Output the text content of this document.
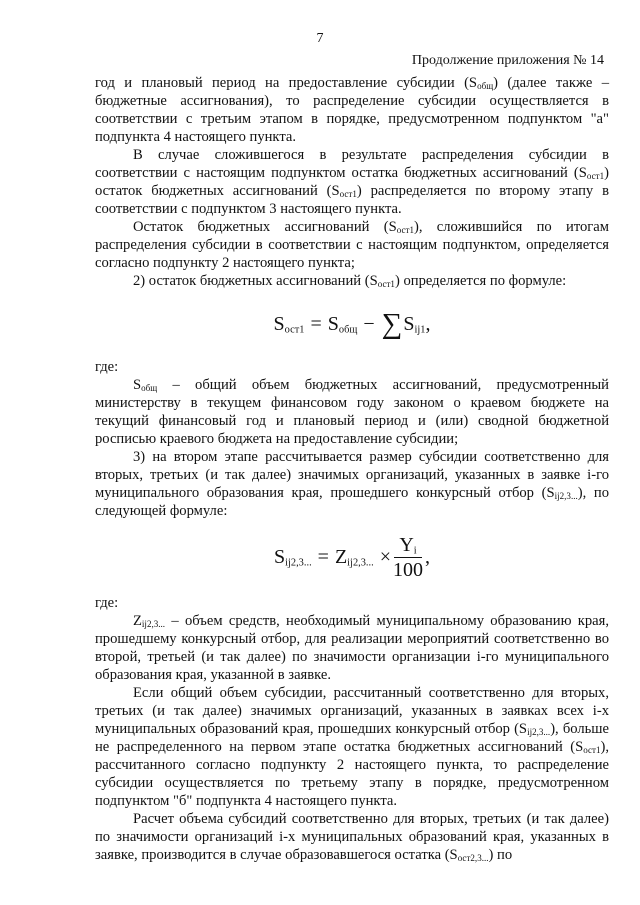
7
Продолжение приложения № 14

год и плановый период на предоставление субсидии $(S_{общ})$ (далее также – бюджетные ассигнования), то распределение субсидии осуществляется в соответствии с третьим этапом в порядке, предусмотренном подпунктом "а" подпункта 4 настоящего пункта.

В случае сложившегося в результате распределения субсидии в соответствии с настоящим подпунктом остатка бюджетных ассигнований $(S_{ост1})$ остаток бюджетных ассигнований $(S_{ост1})$ распределяется по второму этапу в соответствии с подпунктом 3 настоящего пункта.

Остаток бюджетных ассигнований $(S_{ост1})$, сложившийся по итогам распределения субсидии в соответствии с настоящим подпунктом, определяется согласно подпункту 2 настоящего пункта;

2) остаток бюджетных ассигнований $(S_{ост1})$ определяется по формуле:

$S_{ост1} = S_{общ}$ − ∑ $S_{ij1}$ ,

где:

$S_{общ}$ – общий объем бюджетных ассигнований, предусмотренный министерству в текущем финансовом году законом о краевом бюджете на текущий финансовый год и плановый период и (или) сводной бюджетной росписью краевого бюджета на предоставление субсидии;

3) на втором этапе рассчитывается размер субсидии соответственно для вторых, третьих (и так далее) значимых организаций, указанных в заявке i-го муниципального образования края, прошедшего конкурсный отбор $(S_{ij2,3...})$, по следующей формуле:

$S_{ij2,3...} = Z_{ij2,3...} \times \frac{Y_i}{100}$ ,

где:

$Z_{ij2,3...}$ – объем средств, необходимый муниципальному образованию края, прошедшему конкурсный отбор, для реализации мероприятий соответственно во второй, третьей (и так далее) по значимости организации i-го муниципального образования края, указанной в заявке.

Если общий объем субсидии, рассчитанный соответственно для вторых, третьих (и так далее) значимых организаций, указанных в заявках всех i-х муниципальных образований края, прошедших конкурсный отбор $(S_{ij2,3...})$, больше не распределенного на первом этапе остатка бюджетных ассигнований $(S_{ост1})$, рассчитанного согласно подпункту 2 настоящего пункта, то распределение субсидии осуществляется по третьему этапу в порядке, предусмотренном подпунктом "б" подпункта 4 настоящего пункта.

Расчет объема субсидий соответственно для вторых, третьих (и так далее) по значимости организаций i-х муниципальных образований края, указанных в заявке, производится в случае образовавшегося остатка $(S_{ост2,3...})$ по
